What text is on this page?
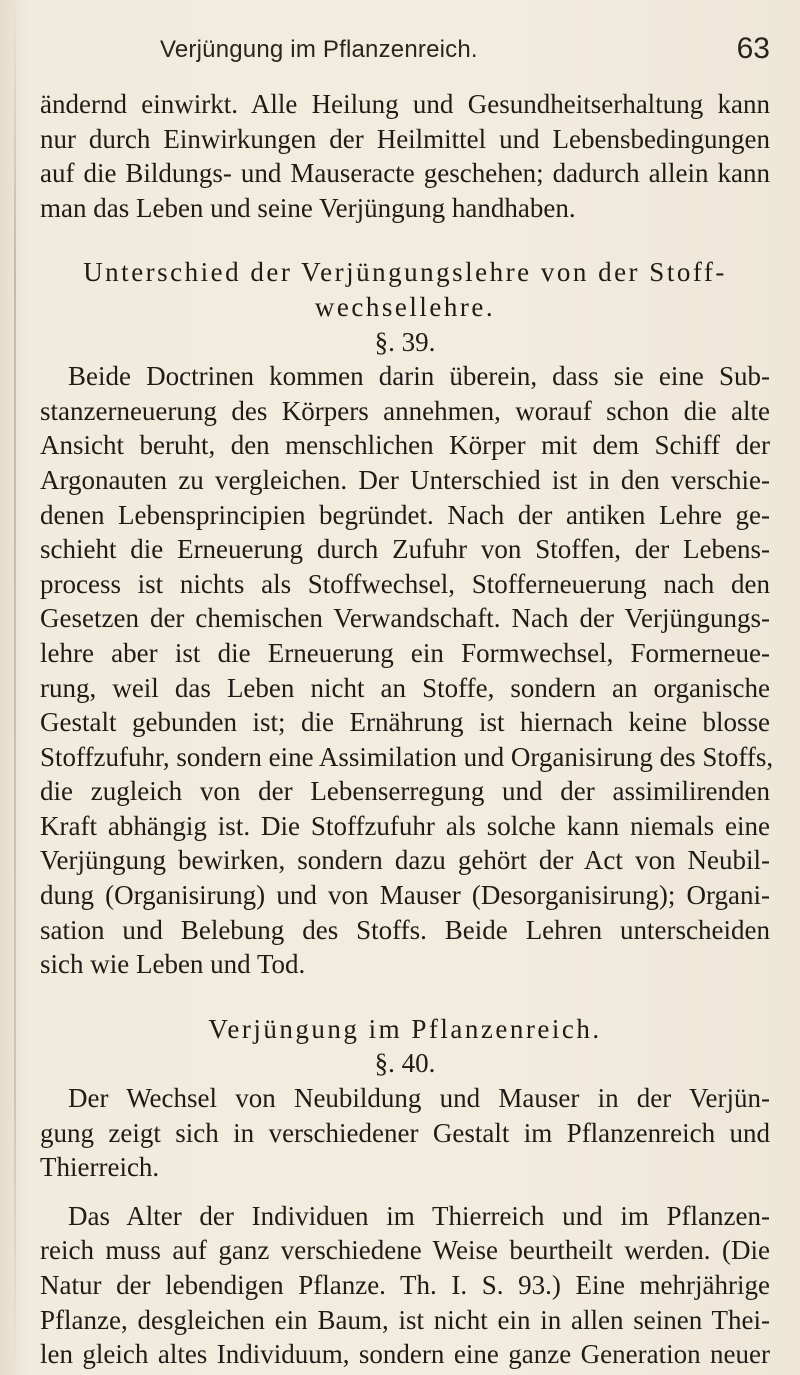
Verjüngung im Pflanzenreich.	63
ändernd einwirkt. Alle Heilung und Gesundheitserhaltung kann
nur durch Einwirkungen der Heilmittel und Lebensbedingungen
auf die Bildungs- und Mauseracte geschehen; dadurch allein kann
man das Leben und seine Verjüngung handhaben.
Unterschied der Verjüngungslehre von der Stoff-
wechsellehre.
§. 39.
Beide Doctrinen kommen darin überein, dass sie eine Sub-
stanzerneuerung des Körpers annehmen, worauf schon die alte
Ansicht beruht, den menschlichen Körper mit dem Schiff der
Argonauten zu vergleichen. Der Unterschied ist in den verschie-
denen Lebensprincipien begründet. Nach der antiken Lehre ge-
schieht die Erneuerung durch Zufuhr von Stoffen, der Lebens-
process ist nichts als Stoffwechsel, Stofferneuerung nach den
Gesetzen der chemischen Verwandschaft. Nach der Verjüngungs-
lehre aber ist die Erneuerung ein Formwechsel, Formerneue-
rung, weil das Leben nicht an Stoffe, sondern an organische
Gestalt gebunden ist; die Ernährung ist hiernach keine blosse
Stoffzufuhr, sondern eine Assimilation und Organisirung des Stoffs,
die zugleich von der Lebenserregung und der assimilirenden
Kraft abhängig ist. Die Stoffzufuhr als solche kann niemals eine
Verjüngung bewirken, sondern dazu gehört der Act von Neubil-
dung (Organisirung) und von Mauser (Desorganisirung); Organi-
sation und Belebung des Stoffs. Beide Lehren unterscheiden
sich wie Leben und Tod.
Verjüngung im Pflanzenreich.
§. 40.
Der Wechsel von Neubildung und Mauser in der Verjün-
gung zeigt sich in verschiedener Gestalt im Pflanzenreich und
Thierreich.
Das Alter der Individuen im Thierreich und im Pflanzen-
reich muss auf ganz verschiedene Weise beurtheilt werden. (Die
Natur der lebendigen Pflanze. Th. I. S. 93.) Eine mehrjährige
Pflanze, desgleichen ein Baum, ist nicht ein in allen seinen Thei-
len gleich altes Individuum, sondern eine ganze Generation neuer
